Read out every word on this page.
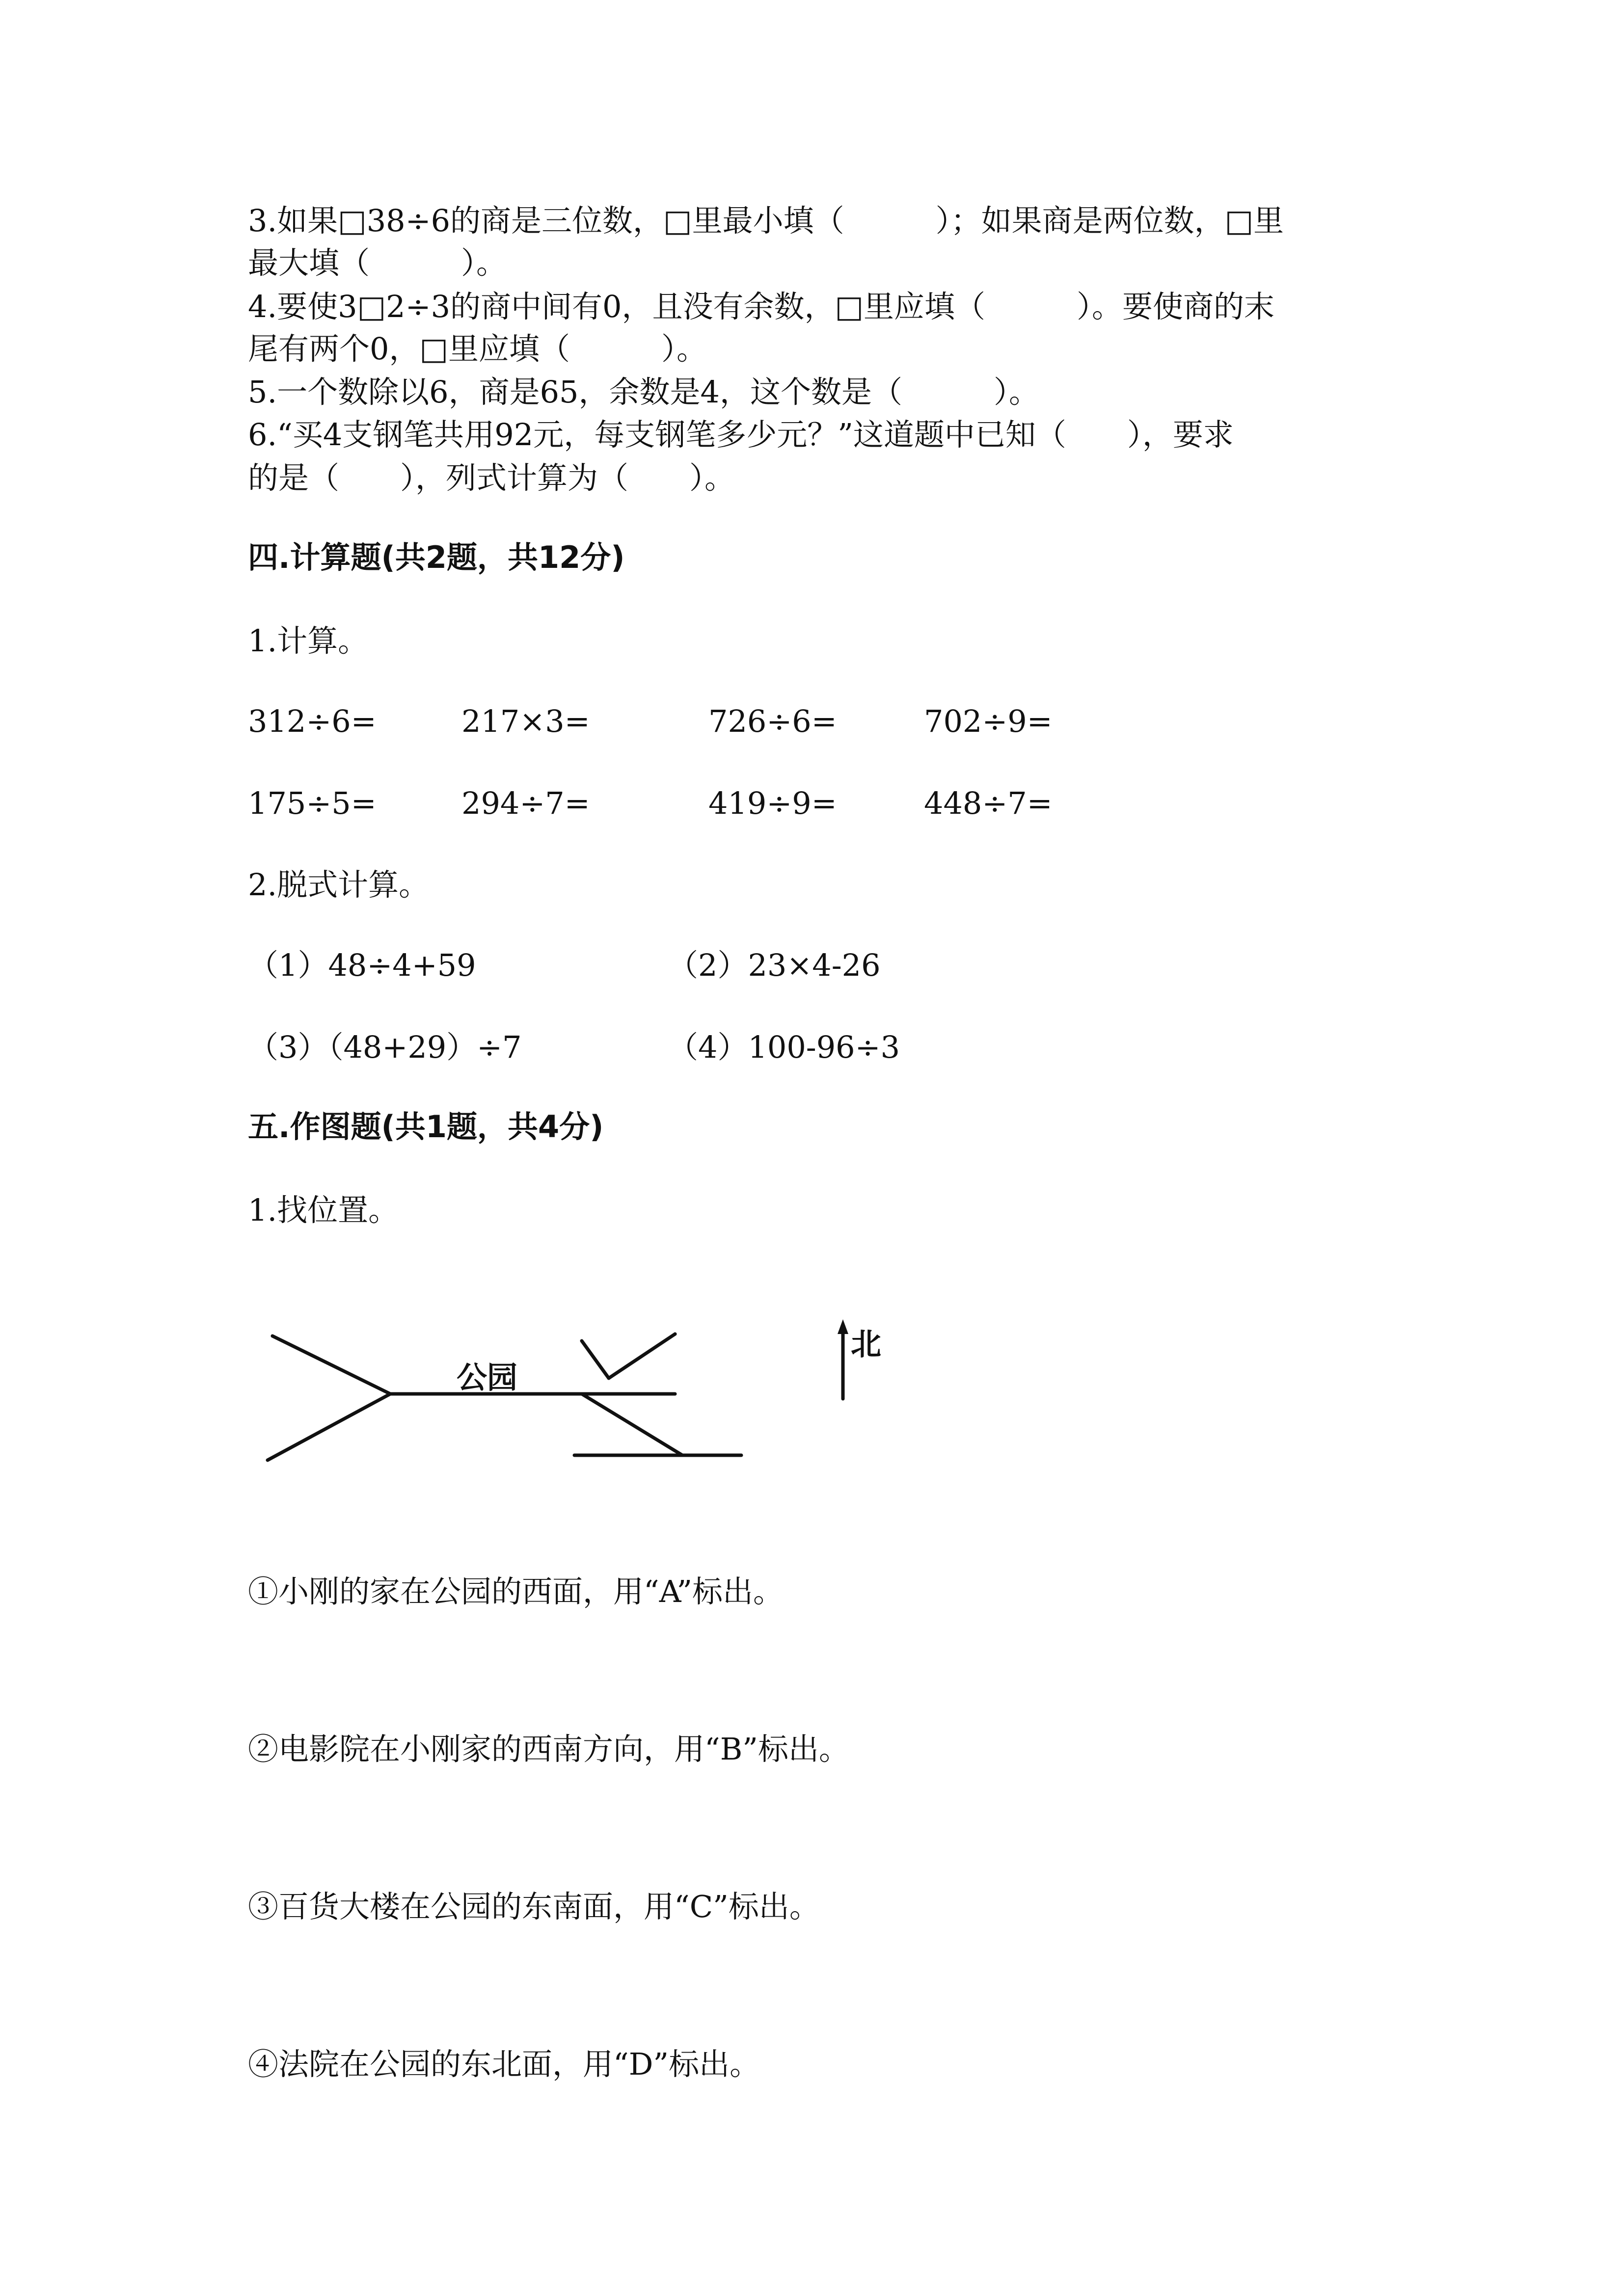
3.如果□38÷6的商是三位数，□里最小填（　　　）；如果商是两位数，□里
最大填（　　　）。
4.要使3□2÷3的商中间有0，且没有余数，□里应填（　　　）。要使商的末
尾有两个0，□里应填（　　　）。
5.一个数除以6，商是65，余数是4，这个数是（　　　）。
6.“买4支钢笔共用92元，每支钢笔多少元？”这道题中已知（　　），要求
的是（　　），列式计算为（　　）。
四.计算题(共2题，共12分)
1.计算。
312÷6=	217×3=	726÷6=	702÷9=
175÷5=	294÷7=	419÷9=	448÷7=
2.脱式计算。
（1）48÷4+59	（2）23×4-26
（3）（48+29）÷7	（4）100-96÷3
五.作图题(共1题，共4分)
1.找位置。
公园
北
①小刚的家在公园的西面，用“A”标出。
②电影院在小刚家的西南方向，用“B”标出。
③百货大楼在公园的东南面，用“C”标出。
④法院在公园的东北面，用“D”标出。
